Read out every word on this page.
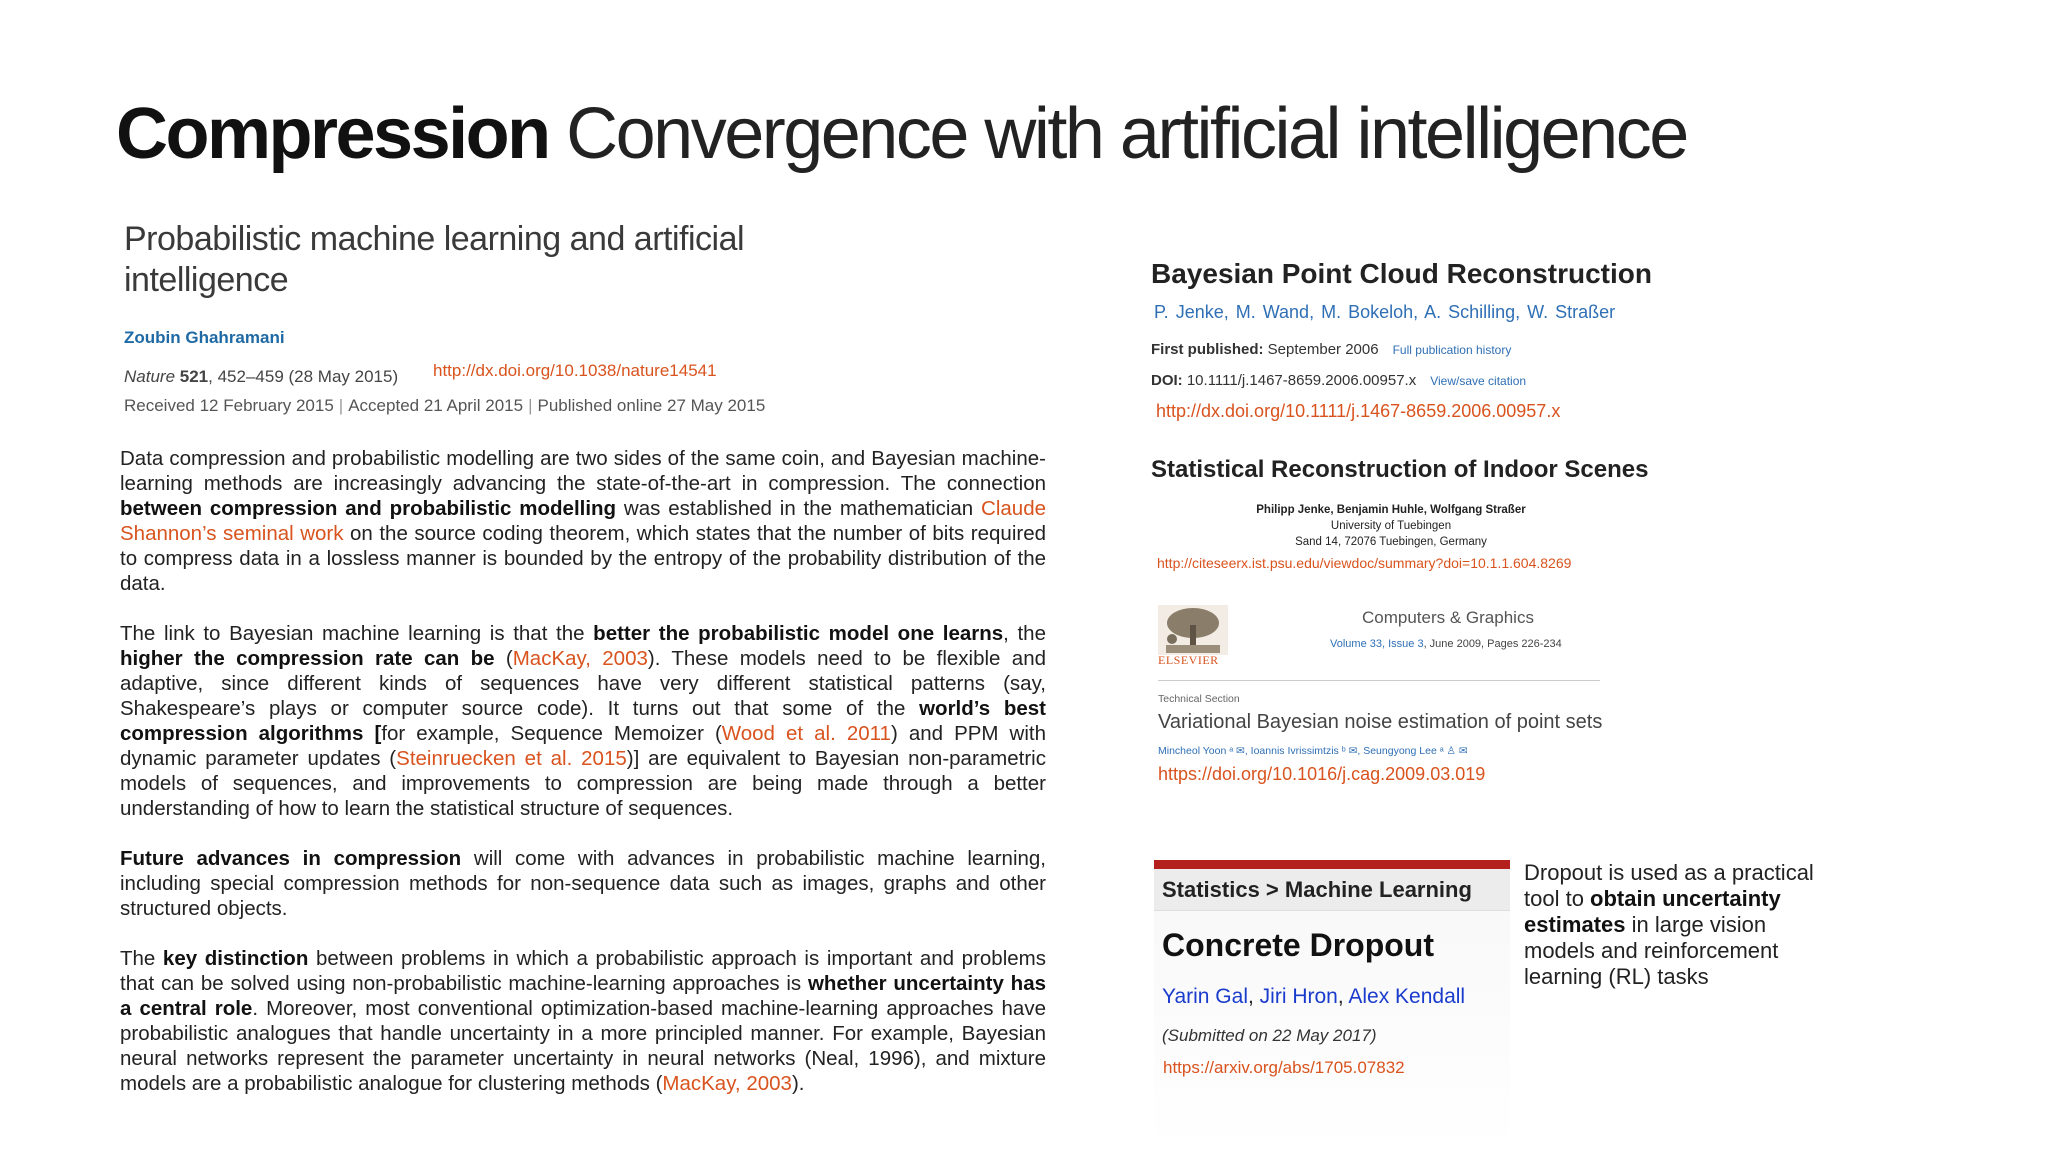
Compression Convergence with artificial intelligence
Probabilistic machine learning and artificial intelligence
Zoubin Ghahramani
Nature 521, 452–459 (28 May 2015) http://dx.doi.org/10.1038/nature14541
Received 12 February 2015 | Accepted 21 April 2015 | Published online 27 May 2015

Data compression and probabilistic modelling are two sides of the same coin, and Bayesian machine-learning methods are increasingly advancing the state-of-the-art in compression. The connection between compression and probabilistic modelling was established in the mathematician Claude Shannon’s seminal work on the source coding theorem, which states that the number of bits required to compress data in a lossless manner is bounded by the entropy of the probability distribution of the data.

The link to Bayesian machine learning is that the better the probabilistic model one learns, the higher the compression rate can be (MacKay, 2003). These models need to be flexible and adaptive, since different kinds of sequences have very different statistical patterns (say, Shakespeare’s plays or computer source code). It turns out that some of the world’s best compression algorithms [for example, Sequence Memoizer (Wood et al. 2011) and PPM with dynamic parameter updates (Steinruecken et al. 2015)] are equivalent to Bayesian non-parametric models of sequences, and improvements to compression are being made through a better understanding of how to learn the statistical structure of sequences.

Future advances in compression will come with advances in probabilistic machine learning, including special compression methods for non-sequence data such as images, graphs and other structured objects.

The key distinction between problems in which a probabilistic approach is important and problems that can be solved using non-probabilistic machine-learning approaches is whether uncertainty has a central role. Moreover, most conventional optimization-based machine-learning approaches have probabilistic analogues that handle uncertainty in a more principled manner. For example, Bayesian neural networks represent the parameter uncertainty in neural networks (Neal, 1996), and mixture models are a probabilistic analogue for clustering methods (MacKay, 2003).

Bayesian Point Cloud Reconstruction
P. Jenke, M. Wand, M. Bokeloh, A. Schilling, W. Straßer
First published: September 2006 Full publication history
DOI: 10.1111/j.1467-8659.2006.00957.x View/save citation
http://dx.doi.org/10.1111/j.1467-8659.2006.00957.x
Statistical Reconstruction of Indoor Scenes
Philipp Jenke, Benjamin Huhle, Wolfgang Straßer
University of Tuebingen
Sand 14, 72076 Tuebingen, Germany
http://citeseerx.ist.psu.edu/viewdoc/summary?doi=10.1.1.604.8269
ELSEVIER
Computers & Graphics
Volume 33, Issue 3, June 2009, Pages 226-234
Technical Section
Variational Bayesian noise estimation of point sets
Mincheol Yoon ᵃ ✉, Ioannis Ivrissimtzis ᵇ ✉, Seungyong Lee ᵃ ♙ ✉
https://doi.org/10.1016/j.cag.2009.03.019
Statistics > Machine Learning
Concrete Dropout
Yarin Gal, Jiri Hron, Alex Kendall
(Submitted on 22 May 2017)
https://arxiv.org/abs/1705.07832
Dropout is used as a practical tool to obtain uncertainty estimates in large vision models and reinforcement learning (RL) tasks
